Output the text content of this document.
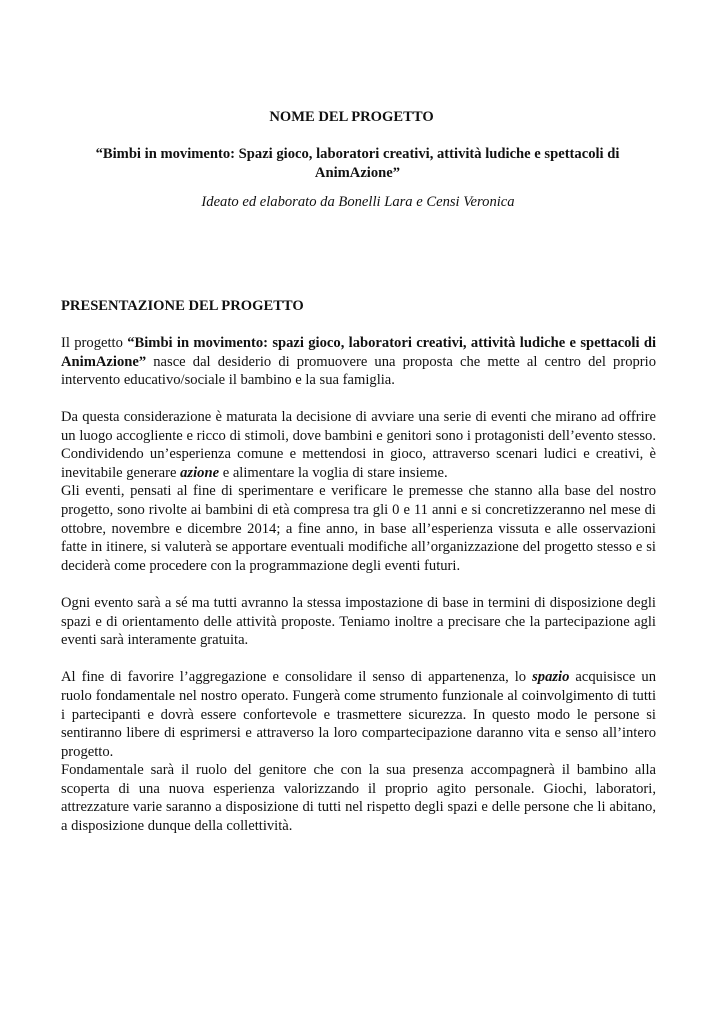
NOME DEL PROGETTO
“Bimbi in movimento: Spazi gioco, laboratori creativi, attività ludiche e spettacoli di AnimAzione”
Ideato ed elaborato da Bonelli Lara e Censi Veronica
PRESENTAZIONE DEL PROGETTO

Il progetto “Bimbi in movimento: spazi gioco, laboratori creativi, attività ludiche e spettacoli di AnimAzione” nasce dal desiderio di promuovere una proposta che mette al centro del proprio intervento educativo/sociale il bambino e la sua famiglia.

Da questa considerazione è maturata la decisione di avviare una serie di eventi che mirano ad offrire un luogo accogliente e ricco di stimoli, dove bambini e genitori sono i protagonisti dell’evento stesso. Condividendo un’esperienza comune e mettendosi in gioco, attraverso scenari ludici e creativi, è inevitabile generare azione e alimentare la voglia di stare insieme.

Gli eventi, pensati al fine di sperimentare e verificare le premesse che stanno alla base del nostro progetto, sono rivolte ai bambini di età compresa tra gli 0 e 11 anni e si concretizzeranno nel mese di ottobre, novembre e dicembre 2014; a fine anno, in base all’esperienza vissuta e alle osservazioni fatte in itinere, si valuterà se apportare eventuali modifiche all’organizzazione del progetto stesso e si deciderà come procedere con la programmazione degli eventi futuri.

Ogni evento sarà a sé ma tutti avranno la stessa impostazione di base in termini di disposizione degli spazi e di orientamento delle attività proposte. Teniamo inoltre a precisare che la partecipazione agli eventi sarà interamente gratuita.

Al fine di favorire l’aggregazione e consolidare il senso di appartenenza, lo spazio acquisisce un ruolo fondamentale nel nostro operato. Fungerà come strumento funzionale al coinvolgimento di tutti i partecipanti e dovrà essere confortevole e trasmettere sicurezza. In questo modo le persone si sentiranno libere di esprimersi e attraverso la loro compartecipazione daranno vita e senso all’intero progetto.

Fondamentale sarà il ruolo del genitore che con la sua presenza accompagnerà il bambino alla scoperta di una nuova esperienza valorizzando il proprio agito personale. Giochi, laboratori, attrezzature varie saranno a disposizione di tutti nel rispetto degli spazi e delle persone che li abitano, a disposizione dunque della collettività.
